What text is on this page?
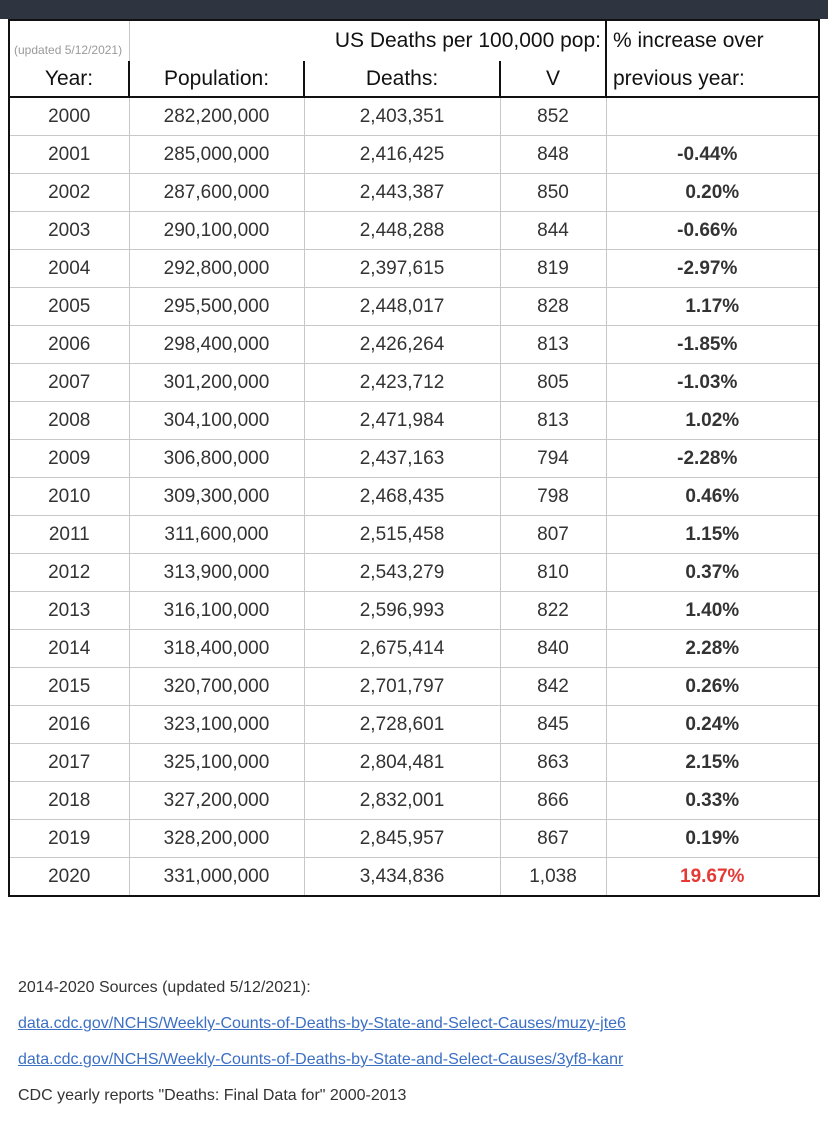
(updated 5/12/2021)	US Deaths per 100,000 pop:			% increase over
Year:	Population:	Deaths:	V	previous year:
2000	282,200,000	2,403,351	852	
2001	285,000,000	2,416,425	848	-0.44%
2002	287,600,000	2,443,387	850	0.20%
2003	290,100,000	2,448,288	844	-0.66%
2004	292,800,000	2,397,615	819	-2.97%
2005	295,500,000	2,448,017	828	1.17%
2006	298,400,000	2,426,264	813	-1.85%
2007	301,200,000	2,423,712	805	-1.03%
2008	304,100,000	2,471,984	813	1.02%
2009	306,800,000	2,437,163	794	-2.28%
2010	309,300,000	2,468,435	798	0.46%
2011	311,600,000	2,515,458	807	1.15%
2012	313,900,000	2,543,279	810	0.37%
2013	316,100,000	2,596,993	822	1.40%
2014	318,400,000	2,675,414	840	2.28%
2015	320,700,000	2,701,797	842	0.26%
2016	323,100,000	2,728,601	845	0.24%
2017	325,100,000	2,804,481	863	2.15%
2018	327,200,000	2,832,001	866	0.33%
2019	328,200,000	2,845,957	867	0.19%
2020	331,000,000	3,434,836	1,038	19.67%
2014-2020 Sources (updated 5/12/2021):
data.cdc.gov/NCHS/Weekly-Counts-of-Deaths-by-State-and-Select-Causes/muzy-jte6
data.cdc.gov/NCHS/Weekly-Counts-of-Deaths-by-State-and-Select-Causes/3yf8-kanr
CDC yearly reports "Deaths: Final Data for" 2000-2013
